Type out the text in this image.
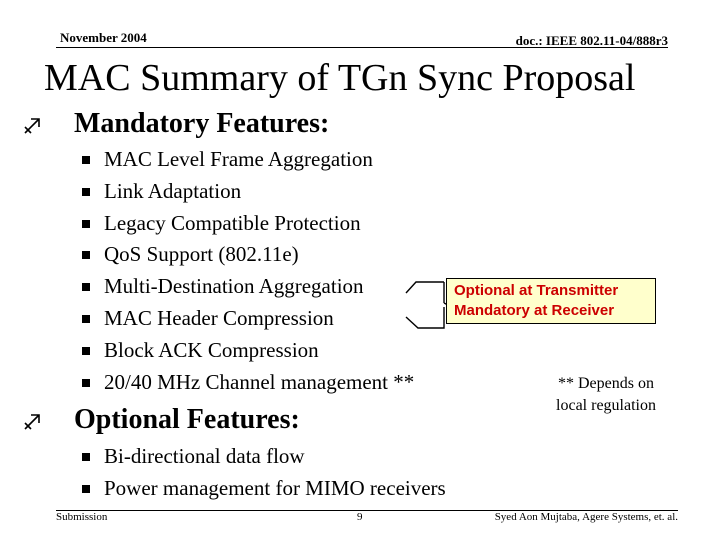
November 2004	doc.: IEEE 802.11-04/888r3
MAC Summary of TGn Sync Proposal
Mandatory Features:
MAC Level Frame Aggregation
Link Adaptation
Legacy Compatible Protection
QoS Support (802.11e)
Multi-Destination Aggregation
MAC Header Compression
Block ACK Compression
20/40 MHz Channel management **
Optional at Transmitter
Mandatory at Receiver
** Depends on
local regulation
Optional Features:
Bi-directional data flow
Power management for MIMO receivers
Submission	9	Syed Aon Mujtaba, Agere Systems, et. al.
